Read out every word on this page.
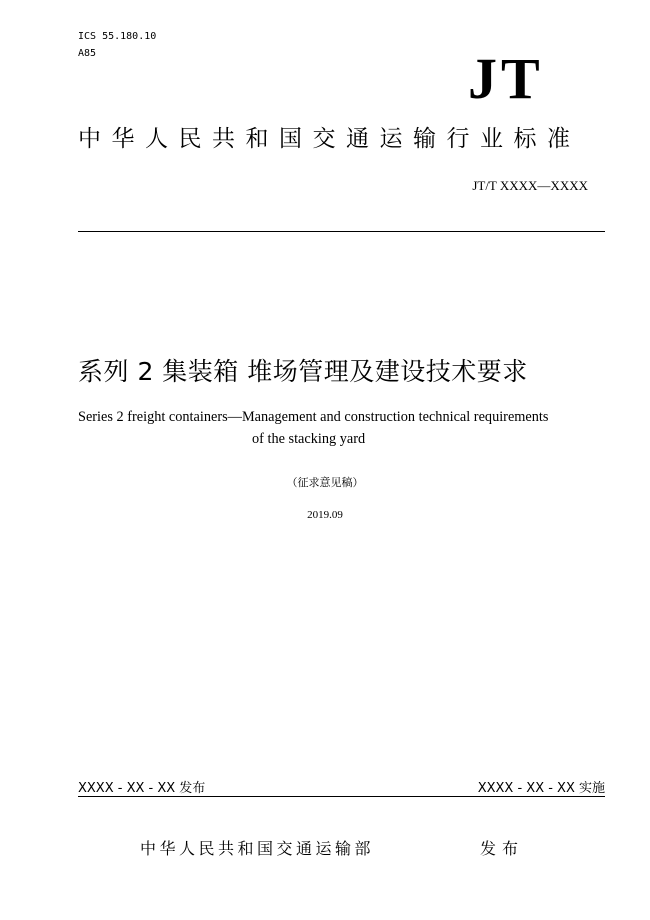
ICS 55.180.10
A85	JT
中华人民共和国交通运输行业标准
JT/T XXXX—XXXX
系列 2 集装箱 堆场管理及建设技术要求
Series 2 freight containers—Management and construction technical requirements
of the stacking yard
（征求意见稿）
2019.09
XXXX - XX - XX 发布	XXXX - XX - XX 实施
中华人民共和国交通运输部	发布
